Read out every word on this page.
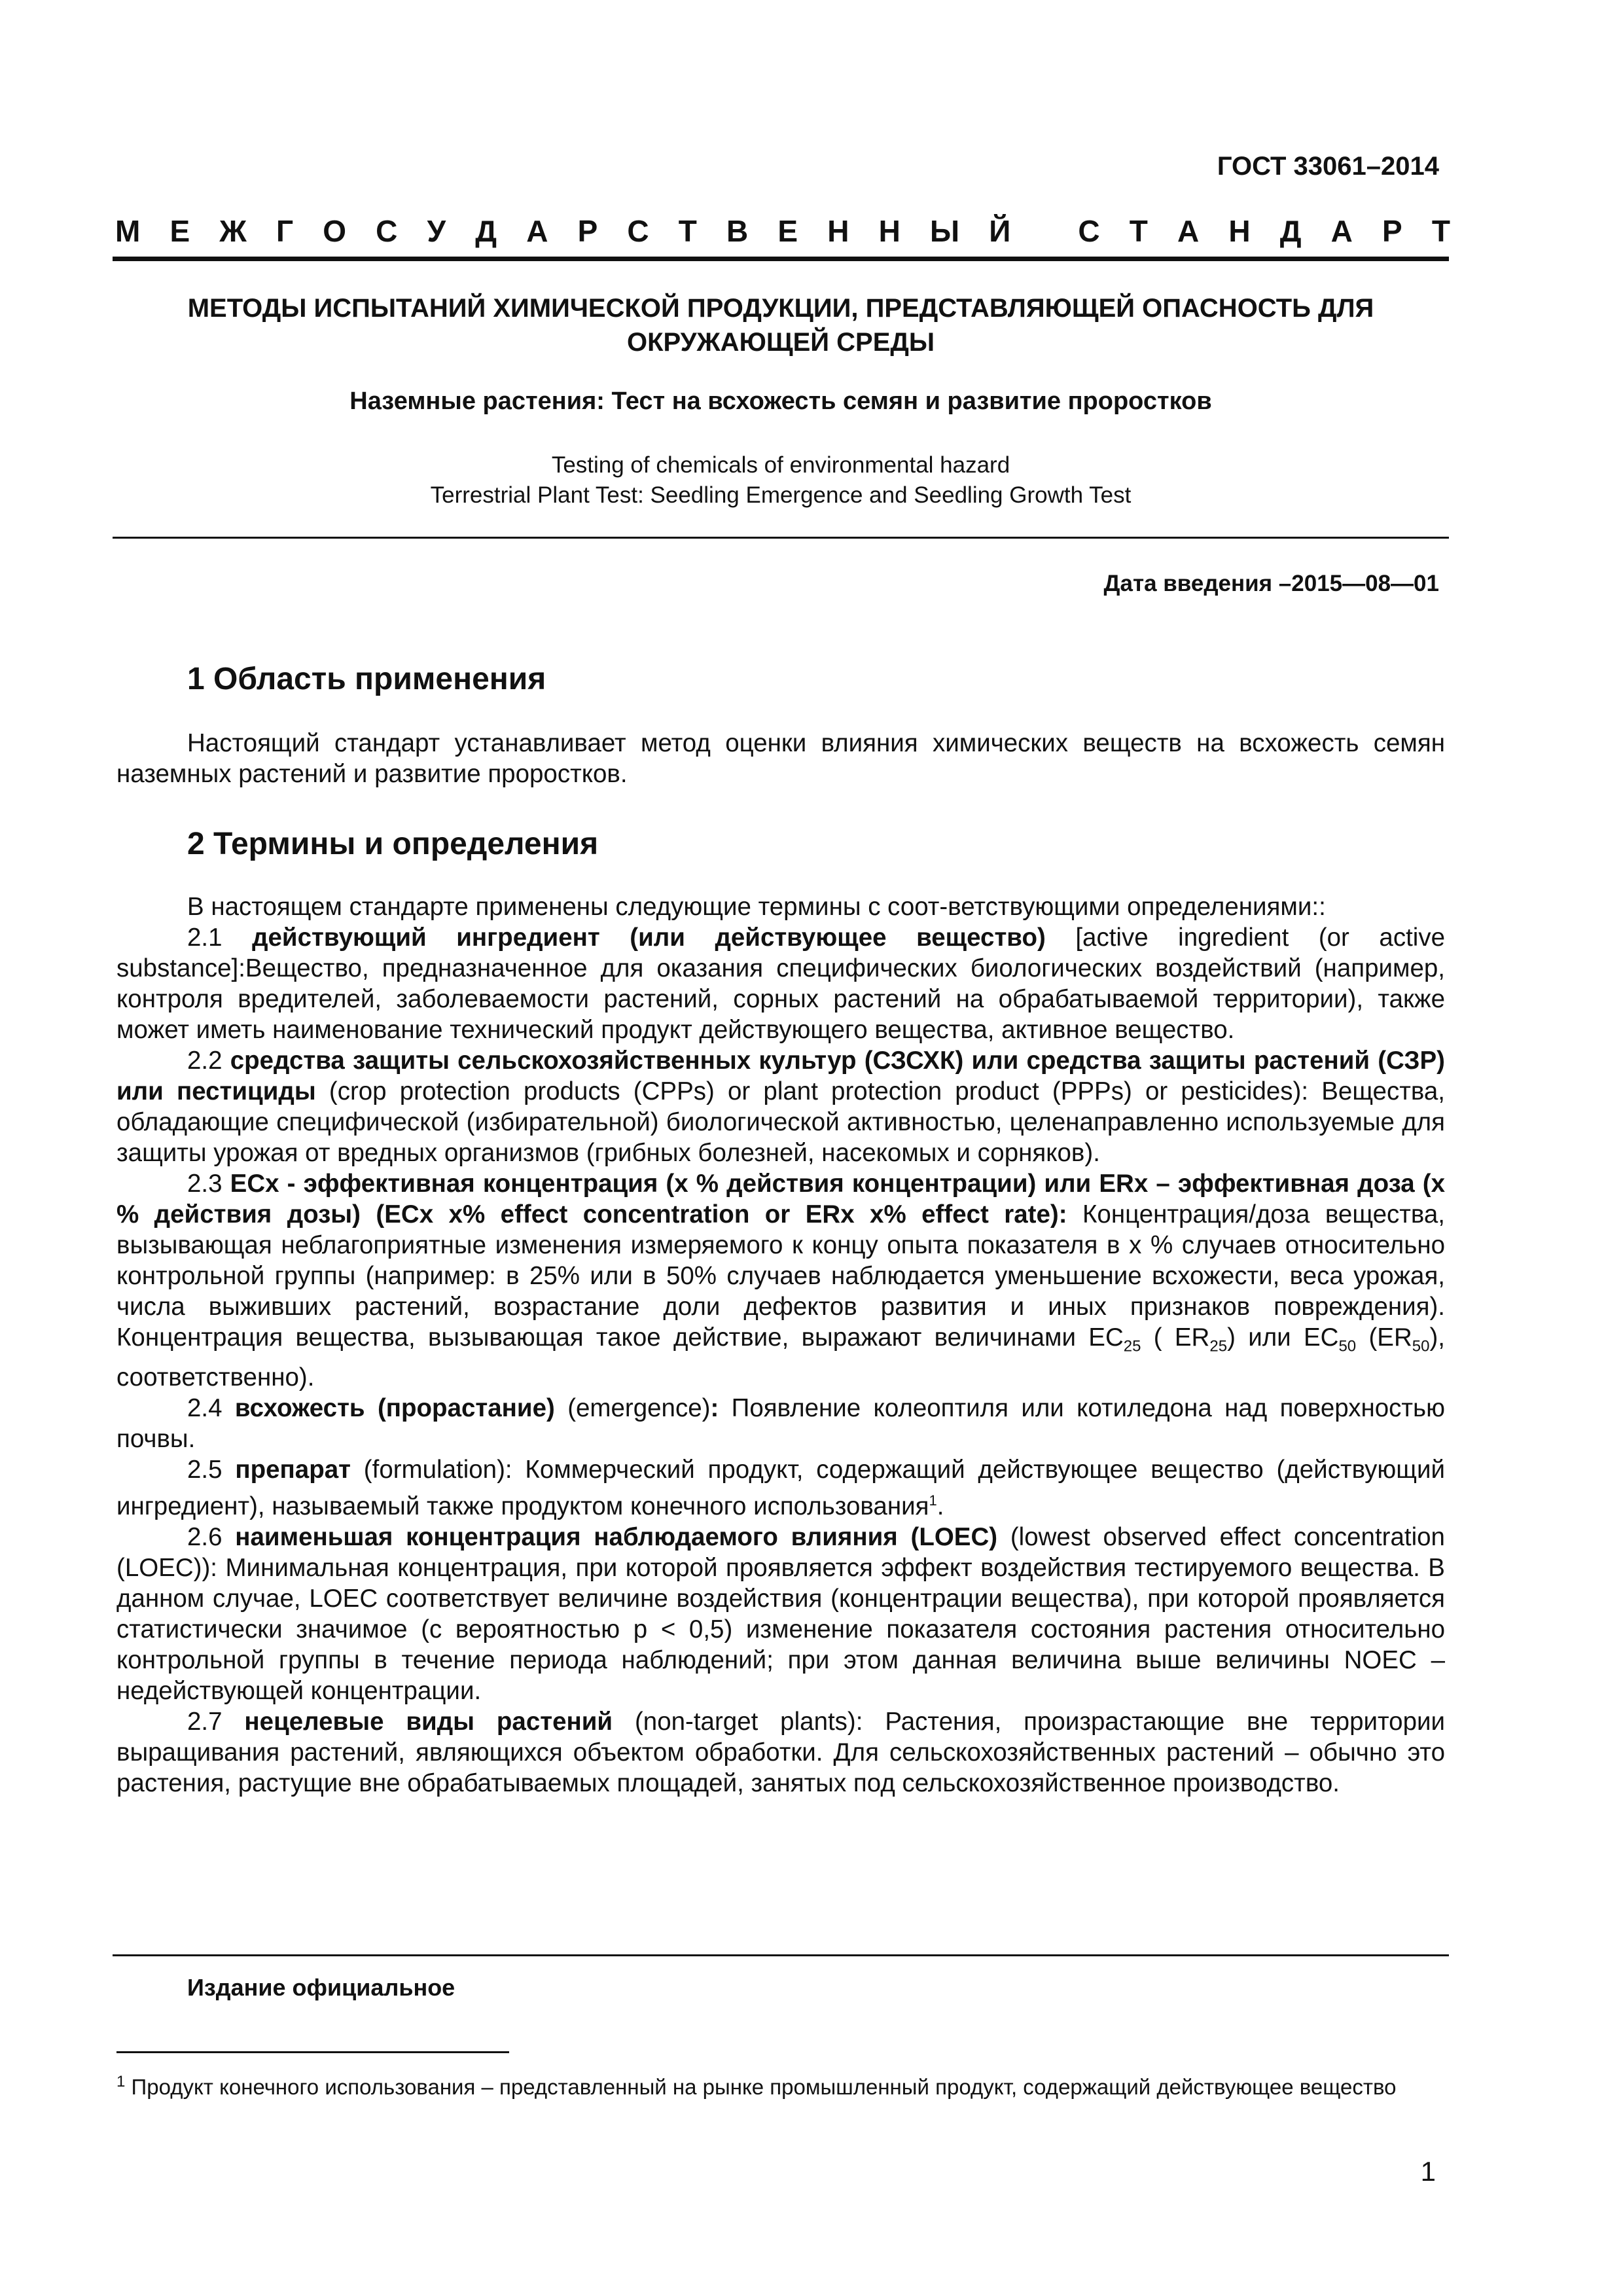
ГОСТ 33061–2014
М Е Ж Г О С У Д А Р С Т В Е Н Н Ы Й
С Т А Н Д А Р Т
МЕТОДЫ ИСПЫТАНИЙ ХИМИЧЕСКОЙ ПРОДУКЦИИ, ПРЕДСТАВЛЯЮЩЕЙ ОПАСНОСТЬ ДЛЯ
ОКРУЖАЮЩЕЙ СРЕДЫ
Наземные растения: Тест на всхожесть семян и развитие проростков
Testing of chemicals of environmental hazard
Terrestrial Plant Test: Seedling Emergence and Seedling Growth Test
Дата введения –2015—08—01
1 Область применения

Настоящий стандарт устанавливает метод оценки влияния химических веществ на всхожесть семян наземных растений и развитие проростков.

2 Термины и определения

В настоящем стандарте применены следующие термины с соот-ветствующими определениями::

2.1 действующий ингредиент (или действующее вещество) [active ingredient (or active substance]:Вещество, предназначенное для оказания специфических биологических воздействий (например, контроля вредителей, заболеваемости растений, сорных растений на обрабатываемой территории), также может иметь наименование технический продукт действующего вещества, активное вещество.

2.2 средства защиты сельскохозяйственных культур (СЗСХК) или средства защиты растений (СЗР) или пестициды (crop protection products (CPPs) or plant protection product (PPPs) or pesticides): Вещества, обладающие специфической (избирательной) биологической активностью, целенаправленно используемые для защиты урожая от вредных организмов (грибных болезней, насекомых и сорняков).

2.3 ECx - эффективная концентрация (x % действия концентрации) или ERx – эффективная доза (x % действия дозы) (ECx x% effect concentration or ERx x% effect rate): Концентрация/доза вещества, вызывающая неблагоприятные изменения измеряемого к концу опыта показателя в x % случаев относительно контрольной группы (например: в 25% или в 50% случаев наблюдается уменьшение всхожести, веса урожая, числа выживших растений, возрастание доли дефектов развития и иных признаков повреждения). Концентрация вещества, вызывающая такое действие, выражают величинами $EC_{25}$ ( $ER_{25}$) или $EC_{50}$ $(ER_{50})$, соответственно).

2.4 всхожесть (прорастание) (emergence): Появление колеоптиля или котиледона над поверхностью почвы.

2.5 препарат (formulation): Коммерческий продукт, содержащий действующее вещество (действующий ингредиент), называемый также продуктом конечного использования$^1$.

2.6 наименьшая концентрация наблюдаемого влияния (LOEC) (lowest observed effect concentration (LOEC)): Минимальная концентрация, при которой проявляется эффект воздействия тестируемого вещества. В данном случае, LOEC соответствует величине воздействия (концентрации вещества), при которой проявляется статистически значимое (с вероятностью p < 0,5) изменение показателя состояния растения относительно контрольной группы в течение периода наблюдений; при этом данная величина выше величины NOEC – недействующей концентрации.

2.7 нецелевые виды растений (non-target plants): Растения, произрастающие вне территории выращивания растений, являющихся объектом обработки. Для сельскохозяйственных растений – обычно это растения, растущие вне обрабатываемых площадей, занятых под сельскохозяйственное производство.

Издание официальное
$^1$ Продукт конечного использования – представленный на рынке промышленный продукт, содержащий действующее вещество
1
